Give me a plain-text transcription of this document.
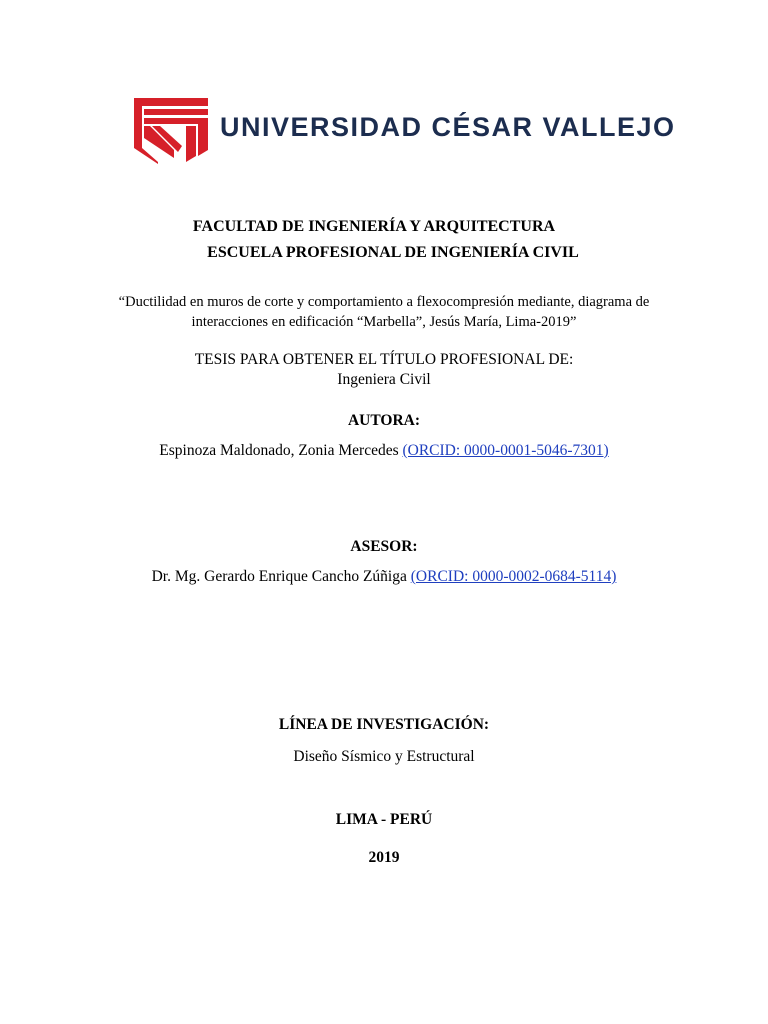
UNIVERSIDAD CÉSAR VALLEJO
FACULTAD DE INGENIERÍA Y ARQUITECTURA
ESCUELA PROFESIONAL DE INGENIERÍA CIVIL
“Ductilidad en muros de corte y comportamiento a flexocompresión mediante, diagrama de
interacciones en edificación “Marbella”, Jesús María, Lima-2019”
TESIS PARA OBTENER EL TÍTULO PROFESIONAL DE:
Ingeniera Civil
AUTORA:
Espinoza Maldonado, Zonia Mercedes (ORCID: 0000-0001-5046-7301)
ASESOR:
Dr. Mg. Gerardo Enrique Cancho Zúñiga (ORCID: 0000-0002-0684-5114)
LÍNEA DE INVESTIGACIÓN:
Diseño Sísmico y Estructural
LIMA - PERÚ
2019
